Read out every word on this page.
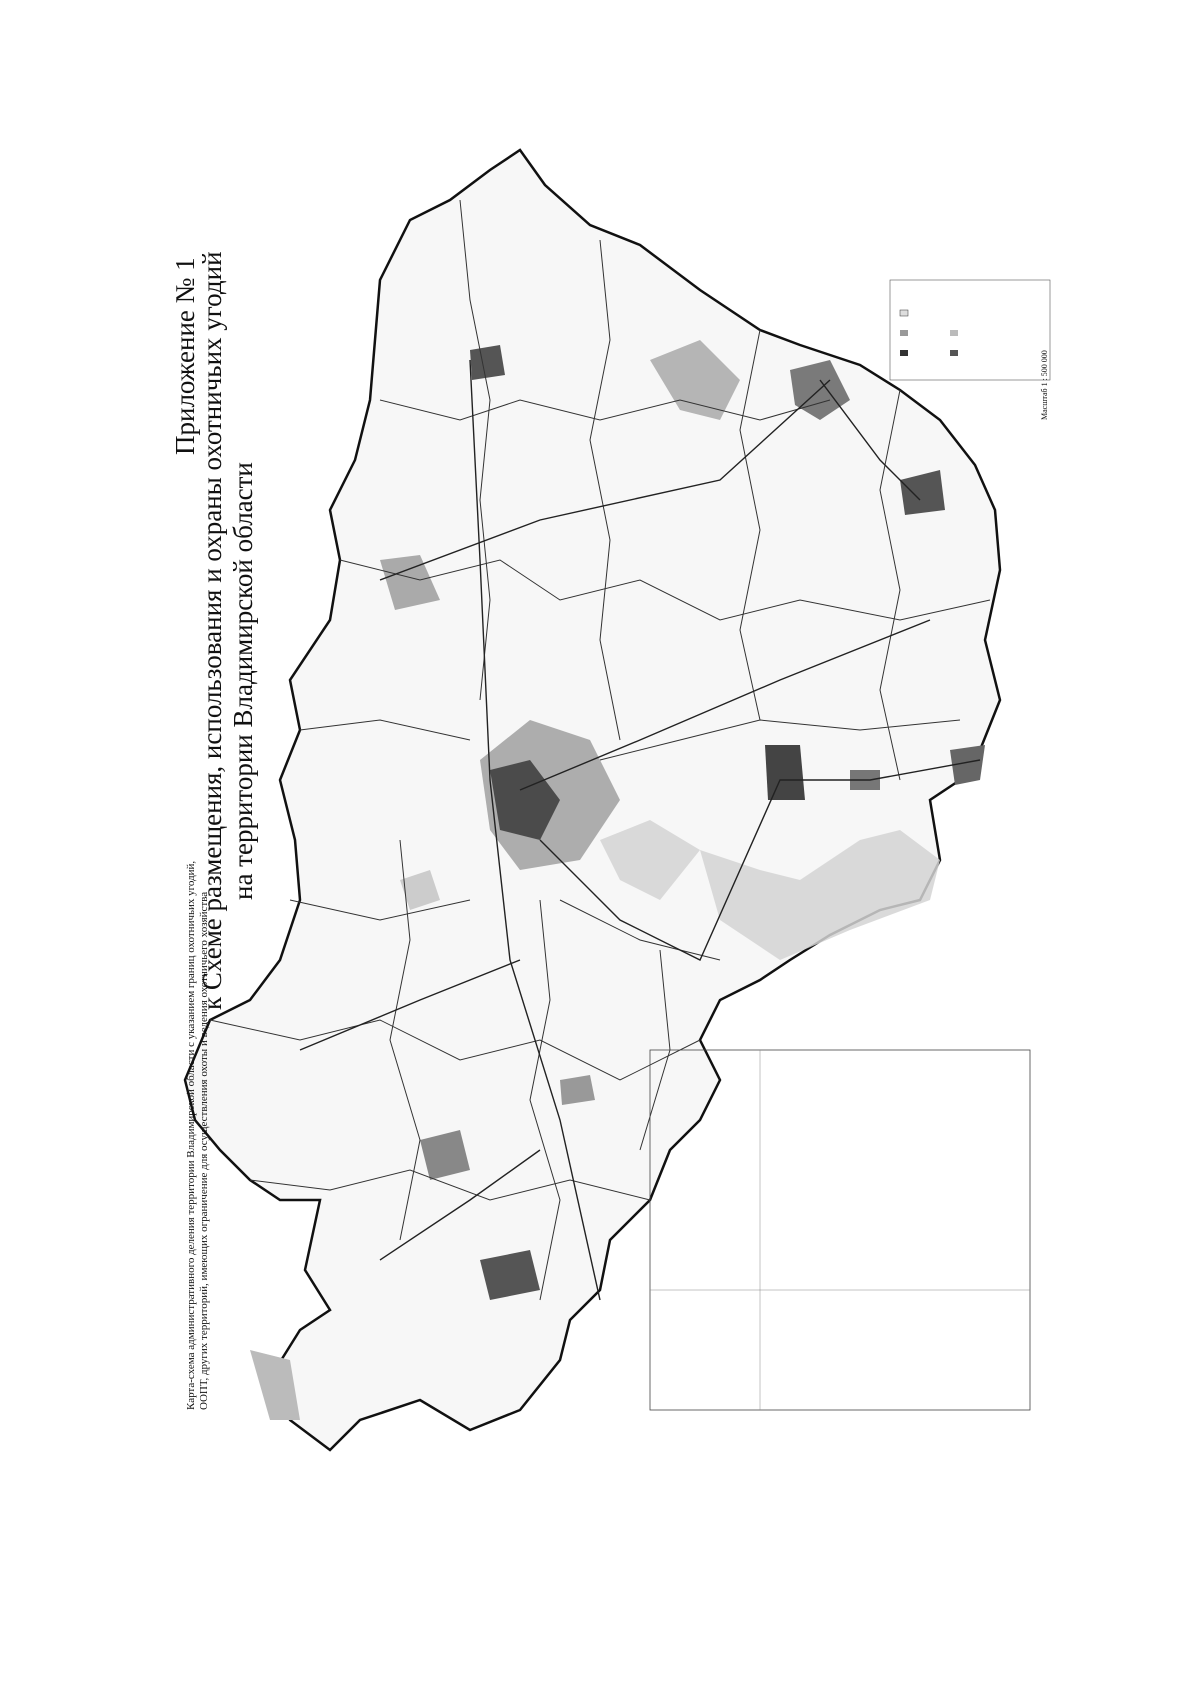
Приложение № 1
к Схеме размещения, использования и охраны охотничьих угодий на территории Владимирской области
Карта-схема административного деления территории Владимирской области с указанием границ охотничьих угодий, ООПТ, других территорий, имеющих ограничение для осуществления охоты и ведения охотничьего хозяйства
Масштаб 1 : 500 000
